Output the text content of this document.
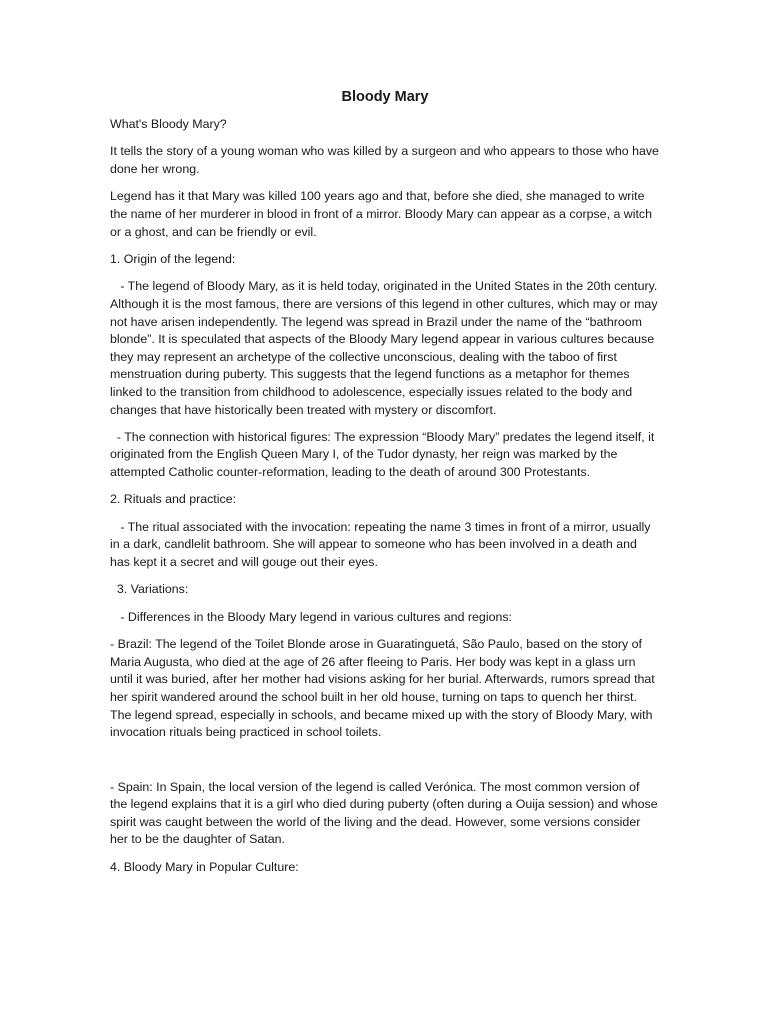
Bloody Mary

What's Bloody Mary?

It tells the story of a young woman who was killed by a surgeon and who appears to those who have done her wrong.

Legend has it that Mary was killed 100 years ago and that, before she died, she managed to write the name of her murderer in blood in front of a mirror. Bloody Mary can appear as a corpse, a witch or a ghost, and can be friendly or evil.

1. Origin of the legend:

- The legend of Bloody Mary, as it is held today, originated in the United States in the 20th century. Although it is the most famous, there are versions of this legend in other cultures, which may or may not have arisen independently. The legend was spread in Brazil under the name of the “bathroom blonde”. It is speculated that aspects of the Bloody Mary legend appear in various cultures because they may represent an archetype of the collective unconscious, dealing with the taboo of first menstruation during puberty. This suggests that the legend functions as a metaphor for themes linked to the transition from childhood to adolescence, especially issues related to the body and changes that have historically been treated with mystery or discomfort.

- The connection with historical figures: The expression “Bloody Mary” predates the legend itself, it originated from the English Queen Mary I, of the Tudor dynasty, her reign was marked by the attempted Catholic counter-reformation, leading to the death of around 300 Protestants.

2. Rituals and practice:

- The ritual associated with the invocation: repeating the name 3 times in front of a mirror, usually in a dark, candlelit bathroom. She will appear to someone who has been involved in a death and has kept it a secret and will gouge out their eyes.

3. Variations:

- Differences in the Bloody Mary legend in various cultures and regions:

- Brazil: The legend of the Toilet Blonde arose in Guaratinguetá, São Paulo, based on the story of Maria Augusta, who died at the age of 26 after fleeing to Paris. Her body was kept in a glass urn until it was buried, after her mother had visions asking for her burial. Afterwards, rumors spread that her spirit wandered around the school built in her old house, turning on taps to quench her thirst. The legend spread, especially in schools, and became mixed up with the story of Bloody Mary, with invocation rituals being practiced in school toilets.

- Spain: In Spain, the local version of the legend is called Verónica. The most common version of the legend explains that it is a girl who died during puberty (often during a Ouija session) and whose spirit was caught between the world of the living and the dead. However, some versions consider her to be the daughter of Satan.

4. Bloody Mary in Popular Culture:
